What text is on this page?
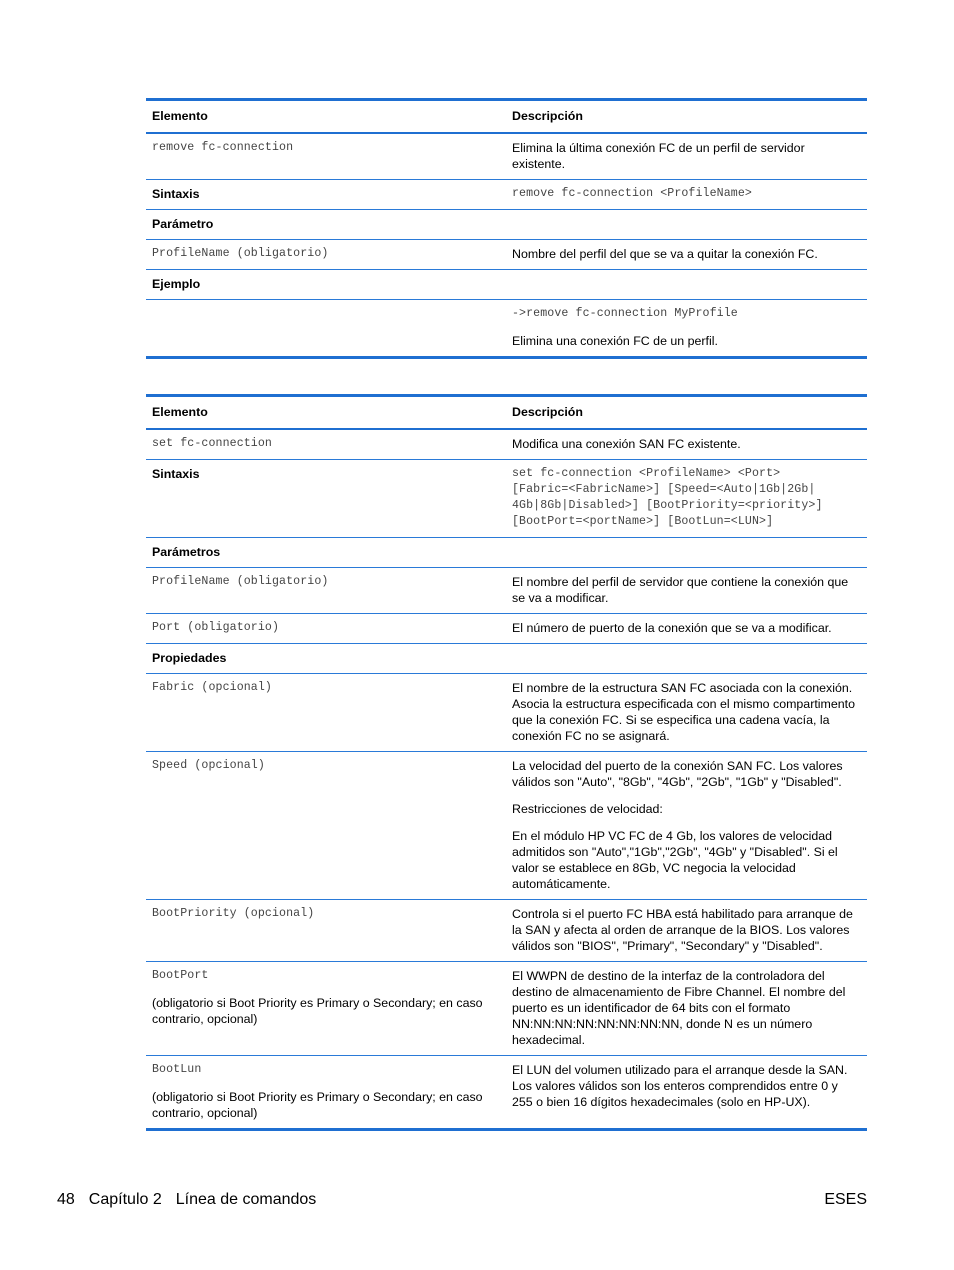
Elemento	Descripción
remove fc-connection	Elimina la última conexión FC de un perfil de servidor existente.
Sintaxis	remove fc-connection <ProfileName>
Parámetro	
ProfileName (obligatorio)	Nombre del perfil del que se va a quitar la conexión FC.
Ejemplo	

	->remove fc-connection MyProfile

Elimina una conexión FC de un perfil.

Elemento	Descripción
set fc-connection	Modifica una conexión SAN FC existente.
Sintaxis	set fc-connection <ProfileName> <Port>
[Fabric=<FabricName>] [Speed=<Auto|1Gb|2Gb|
4Gb|8Gb|Disabled>] [BootPriority=<priority>]
[BootPort=<portName>] [BootLun=<LUN>]

Parámetros	
ProfileName (obligatorio)	El nombre del perfil de servidor que contiene la conexión que se va a modificar.
Port (obligatorio)	El número de puerto de la conexión que se va a modificar.
Propiedades	
Fabric (opcional)	El nombre de la estructura SAN FC asociada con la conexión. Asocia la estructura especificada con el mismo compartimento que la conexión FC. Si se especifica una cadena vacía, la conexión FC no se asignará.
Speed (opcional)	La velocidad del puerto de la conexión SAN FC. Los valores válidos son "Auto", "8Gb", "4Gb", "2Gb", "1Gb" y "Disabled".

Restricciones de velocidad:

En el módulo HP VC FC de 4 Gb, los valores de velocidad admitidos son "Auto","1Gb","2Gb", "4Gb" y "Disabled". Si el valor se establece en 8Gb, VC negocia la velocidad automáticamente.

BootPriority (opcional)	Controla si el puerto FC HBA está habilitado para arranque de la SAN y afecta al orden de arranque de la BIOS. Los valores válidos son "BIOS", "Primary", "Secondary" y "Disabled".

BootPort

(obligatorio si Boot Priority es Primary o Secondary; en caso contrario, opcional)	El WWPN de destino de la interfaz de la controladora del destino de almacenamiento de Fibre Channel. El nombre del puerto es un identificador de 64 bits con el formato NN:NN:NN:NN:NN:NN:NN:NN, donde N es un número hexadecimal.

BootLun

(obligatorio si Boot Priority es Primary o Secondary; en caso contrario, opcional)	El LUN del volumen utilizado para el arranque desde la SAN. Los valores válidos son los enteros comprendidos entre 0 y 255 o bien 16 dígitos hexadecimales (solo en HP-UX).
48 Capítulo 2 Línea de comandos	ESES
